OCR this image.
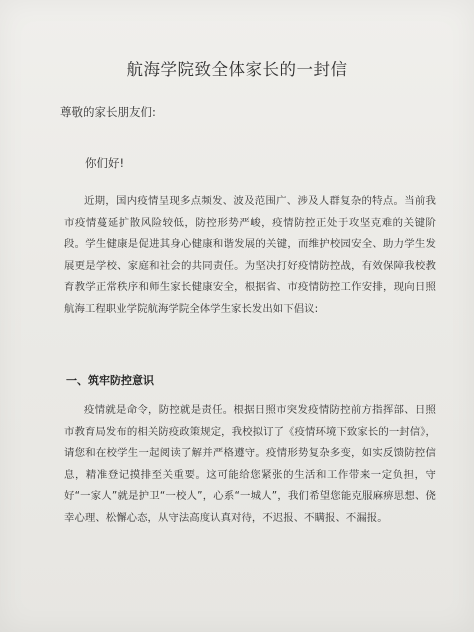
航海学院致全体家长的一封信
尊敬的家长朋友们:
你们好!
近期，国内疫情呈现多点频发、波及范围广、涉及人群复杂的特点。当前我市疫情蔓延扩散风险较低，防控形势严峻，疫情防控正处于攻坚克难的关键阶段。学生健康是促进其身心健康和谐发展的关键，而维护校园安全、助力学生发展更是学校、家庭和社会的共同责任。为坚决打好疫情防控战，有效保障我校教育教学正常秩序和师生家长健康安全，根据省、市疫情防控工作安排，现向日照航海工程职业学院航海学院全体学生家长发出如下倡议:
一、筑牢防控意识
疫情就是命令，防控就是责任。根据日照市突发疫情防控前方指挥部、日照市教育局发布的相关防疫政策规定，我校拟订了《疫情环境下致家长的一封信》，请您和在校学生一起阅读了解并严格遵守。疫情形势复杂多变，如实反馈防控信息，精准登记摸排至关重要。这可能给您紧张的生活和工作带来一定负担，守好“一家人”就是护卫“一校人”，心系“一城人”，我们希望您能克服麻痹思想、侥幸心理、松懈心态，从守法高度认真对待，不迟报、不瞒报、不漏报。
